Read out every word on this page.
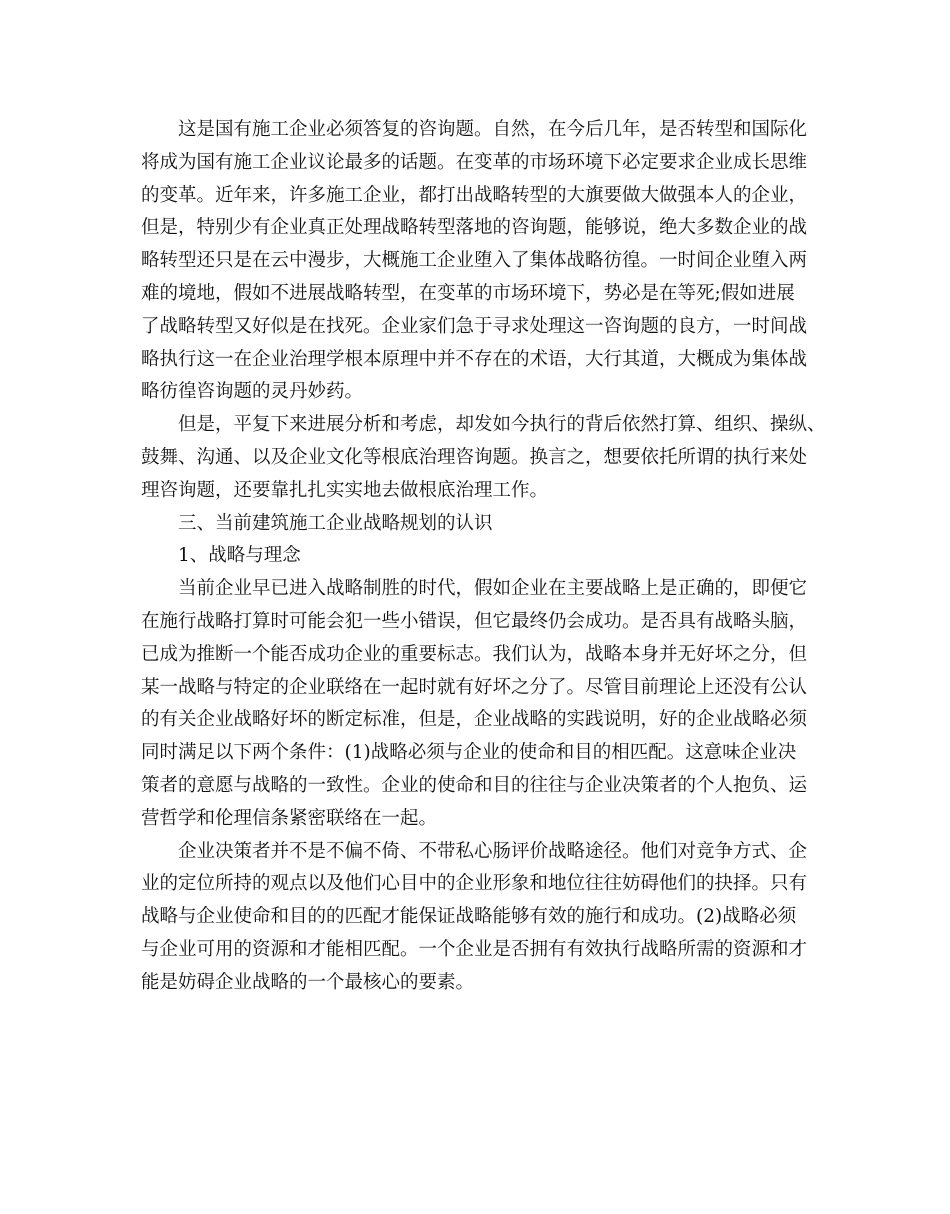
这是国有施工企业必须答复的咨询题。自然，在今后几年，是否转型和国际化
将成为国有施工企业议论最多的话题。在变革的市场环境下必定要求企业成长思维
的变革。近年来，许多施工企业，都打出战略转型的大旗要做大做强本人的企业，
但是，特别少有企业真正处理战略转型落地的咨询题，能够说，绝大多数企业的战
略转型还只是在云中漫步，大概施工企业堕入了集体战略彷徨。一时间企业堕入两
难的境地，假如不进展战略转型，在变革的市场环境下，势必是在等死;假如进展
了战略转型又好似是在找死。企业家们急于寻求处理这一咨询题的良方，一时间战
略执行这一在企业治理学根本原理中并不存在的术语，大行其道，大概成为集体战
略彷徨咨询题的灵丹妙药。
但是，平复下来进展分析和考虑，却发如今执行的背后依然打算、组织、操纵、
鼓舞、沟通、以及企业文化等根底治理咨询题。换言之，想要依托所谓的执行来处
理咨询题，还要靠扎扎实实地去做根底治理工作。
三、当前建筑施工企业战略规划的认识
1、战略与理念
当前企业早已进入战略制胜的时代，假如企业在主要战略上是正确的，即便它
在施行战略打算时可能会犯一些小错误，但它最终仍会成功。是否具有战略头脑，
已成为推断一个能否成功企业的重要标志。我们认为，战略本身并无好坏之分，但
某一战略与特定的企业联络在一起时就有好坏之分了。尽管目前理论上还没有公认
的有关企业战略好坏的断定标准，但是，企业战略的实践说明，好的企业战略必须
同时满足以下两个条件：(1)战略必须与企业的使命和目的相匹配。这意味企业决
策者的意愿与战略的一致性。企业的使命和目的往往与企业决策者的个人抱负、运
营哲学和伦理信条紧密联络在一起。
企业决策者并不是不偏不倚、不带私心肠评价战略途径。他们对竞争方式、企
业的定位所持的观点以及他们心目中的企业形象和地位往往妨碍他们的抉择。只有
战略与企业使命和目的的匹配才能保证战略能够有效的施行和成功。(2)战略必须
与企业可用的资源和才能相匹配。一个企业是否拥有有效执行战略所需的资源和才
能是妨碍企业战略的一个最核心的要素。
